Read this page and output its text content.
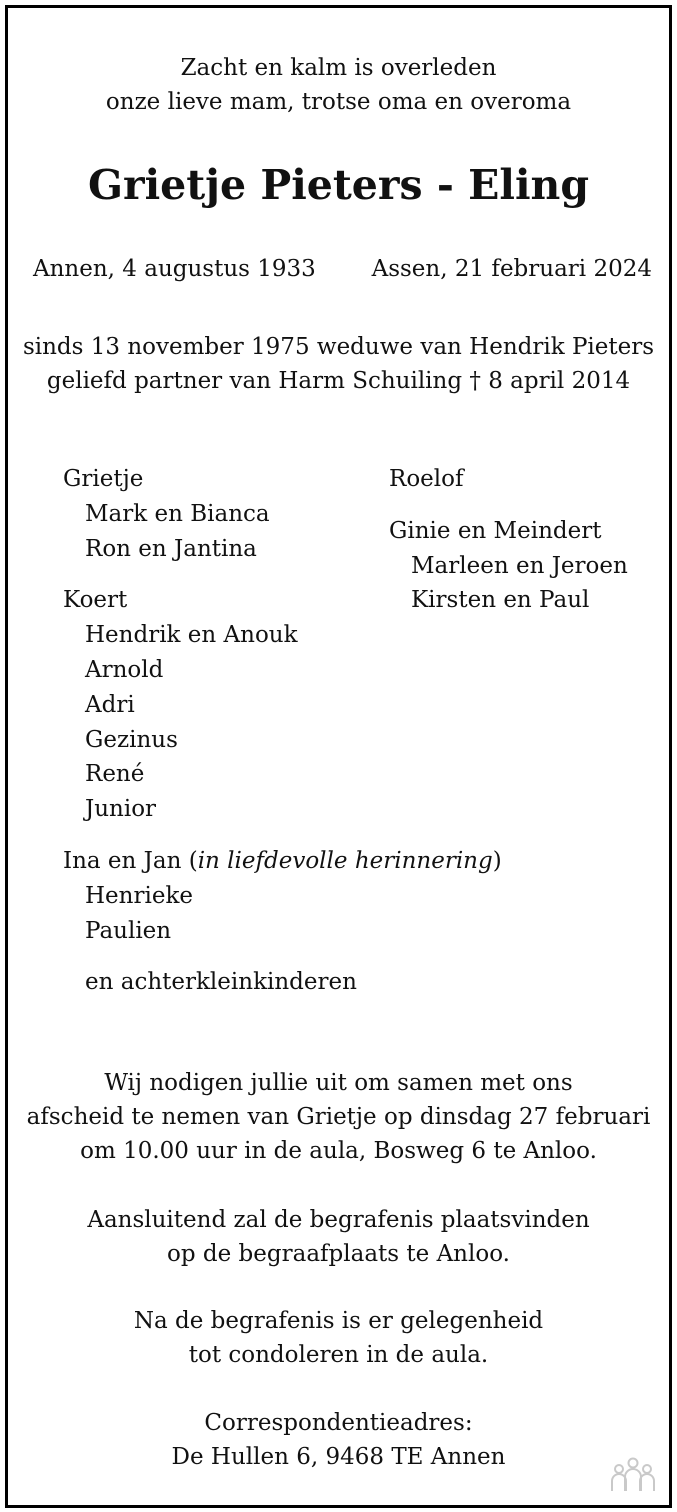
Zacht en kalm is overleden
onze lieve mam, trotse oma en overoma
Grietje Pieters - Eling
Annen, 4 augustus 1933 Assen, 21 februari 2024
sinds 13 november 1975 weduwe van Hendrik Pieters
geliefd partner van Harm Schuiling † 8 april 2014
Grietje
Mark en Bianca
Ron en Jantina
Koert
Hendrik en Anouk
Arnold
Adri
Gezinus
René
Junior
Ina en Jan (in liefdevolle herinnering)
Henrieke
Paulien
en achterkleinkinderen
Roelof
Ginie en Meindert
Marleen en Jeroen
Kirsten en Paul
Wij nodigen jullie uit om samen met ons
afscheid te nemen van Grietje op dinsdag 27 februari
om 10.00 uur in de aula, Bosweg 6 te Anloo.
Aansluitend zal de begrafenis plaatsvinden
op de begraafplaats te Anloo.
Na de begrafenis is er gelegenheid
tot condoleren in de aula.
Correspondentieadres:
De Hullen 6, 9468 TE Annen
